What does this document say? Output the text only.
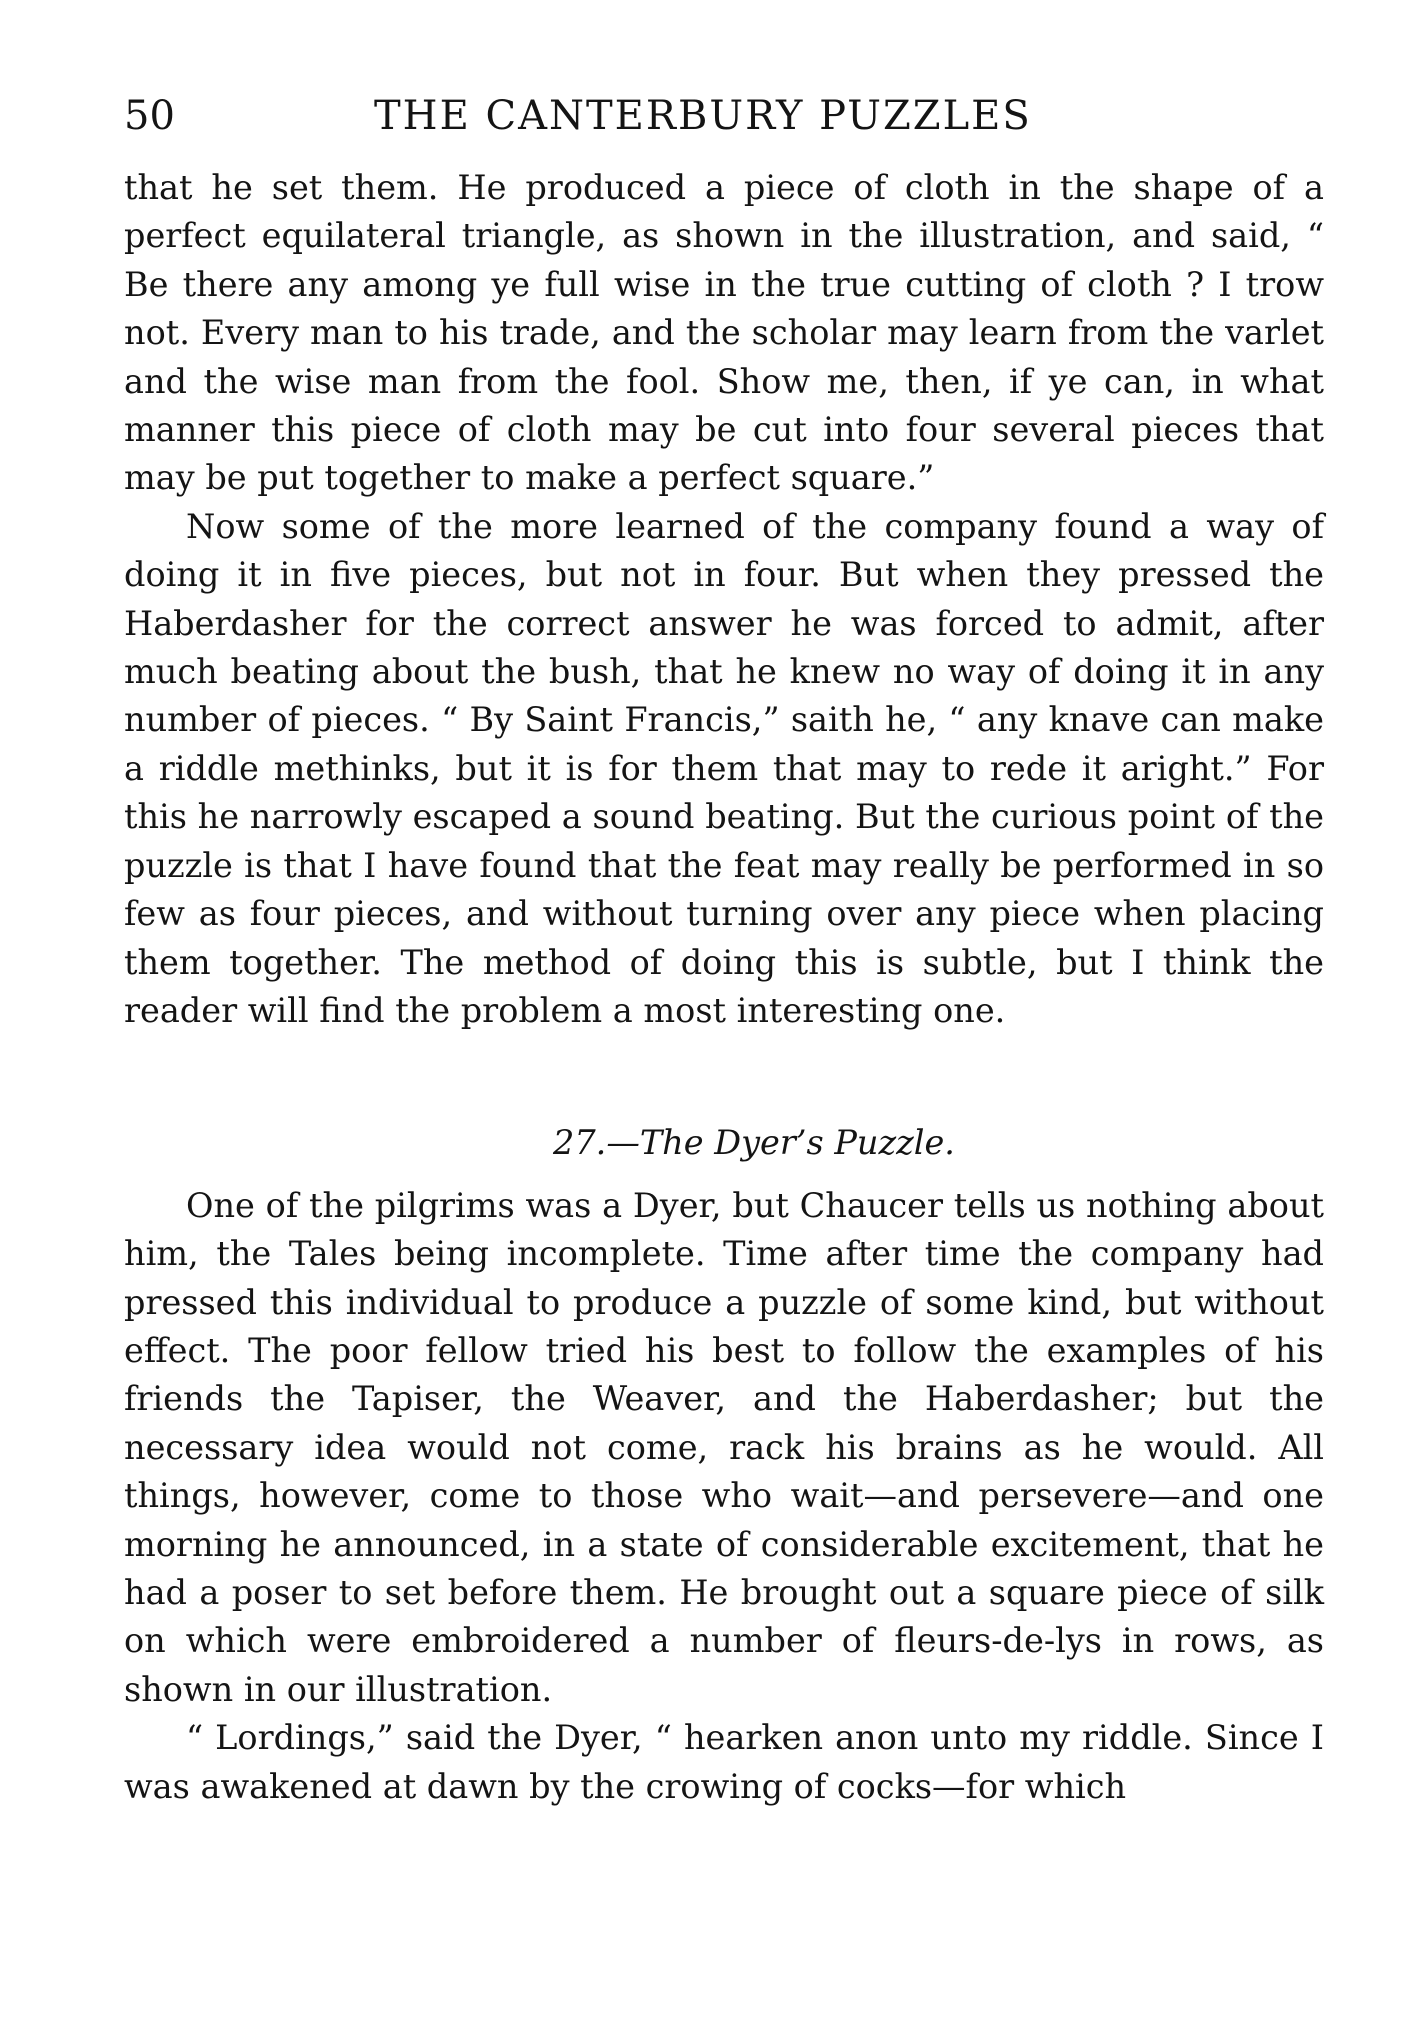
50	THE CANTERBURY PUZZLES

that he set them. He produced a piece of cloth in the shape of a perfect equilateral triangle, as shown in the illustration, and said, “ Be there any among ye full wise in the true cutting of cloth ? I trow not. Every man to his trade, and the scholar may learn from the varlet and the wise man from the fool. Show me, then, if ye can, in what manner this piece of cloth may be cut into four several pieces that may be put together to make a perfect square.”

Now some of the more learned of the company found a way of doing it in five pieces, but not in four. But when they pressed the Haberdasher for the correct answer he was forced to admit, after much beating about the bush, that he knew no way of doing it in any number of pieces. “ By Saint Francis,” saith he, “ any knave can make a riddle methinks, but it is for them that may to rede it aright.” For this he narrowly escaped a sound beating. But the curious point of the puzzle is that I have found that the feat may really be performed in so few as four pieces, and without turning over any piece when placing them together. The method of doing this is subtle, but I think the reader will find the problem a most interesting one.

27.—The Dyer’s Puzzle.

One of the pilgrims was a Dyer, but Chaucer tells us nothing about him, the Tales being incomplete. Time after time the company had pressed this individual to produce a puzzle of some kind, but without effect. The poor fellow tried his best to follow the examples of his friends the Tapiser, the Weaver, and the Haberdasher; but the necessary idea would not come, rack his brains as he would. All things, however, come to those who wait—and persevere—and one morning he announced, in a state of considerable excitement, that he had a poser to set before them. He brought out a square piece of silk on which were embroidered a number of fleurs-de-lys in rows, as shown in our illustration.

“ Lordings,” said the Dyer, “ hearken anon unto my riddle. Since I was awakened at dawn by the crowing of cocks—for which
